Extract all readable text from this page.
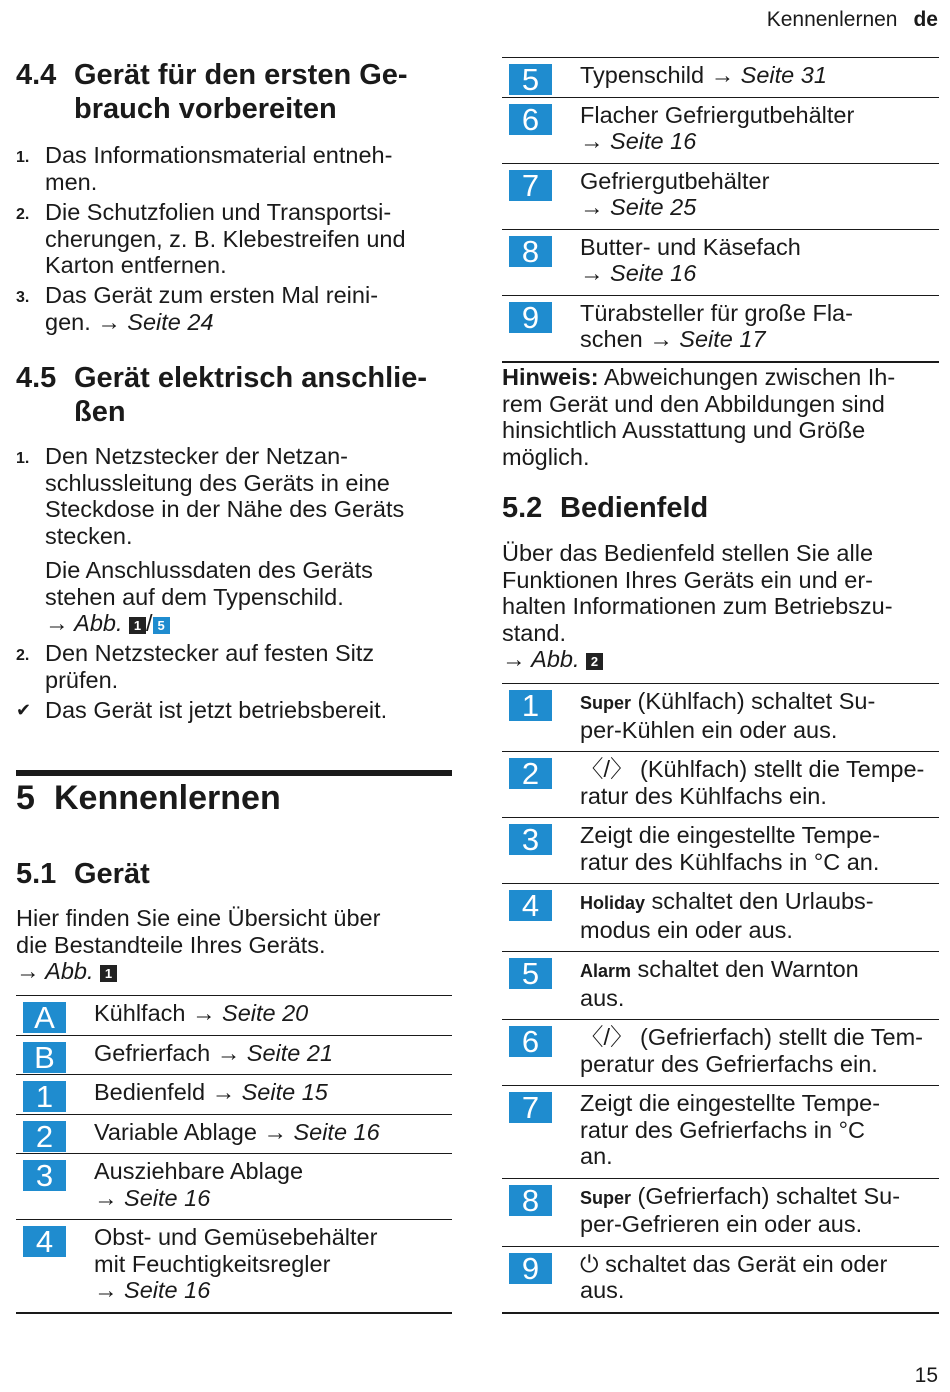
Kennenlernen de
4.4 Gerät für den ersten Ge-
brauch vorbereiten
1. Das Informationsmaterial entneh-
men.
2. Die Schutzfolien und Transportsi-
cherungen, z. B. Klebestreifen und
Karton entfernen.
3. Das Gerät zum ersten Mal reini-
gen. → Seite 24
4.5 Gerät elektrisch anschlie-
ßen
1. Den Netzstecker der Netzan-
schlussleitung des Geräts in eine
Steckdose in der Nähe des Geräts
stecken.
Die Anschlussdaten des Geräts
stehen auf dem Typenschild.
→ Abb. 1 / 5
2. Den Netzstecker auf festen Sitz
prüfen.
✔ Das Gerät ist jetzt betriebsbereit.
5 Kennenlernen
5.1 Gerät
Hier finden Sie eine Übersicht über
die Bestandteile Ihres Geräts.
→ Abb. 1
A	Kühlfach → Seite 20

B	Gefrierfach → Seite 21

1	Bedienfeld → Seite 15

2	Variable Ablage → Seite 16

3	Ausziehbare Ablage
→ Seite 16

4	Obst- und Gemüsebehälter
mit Feuchtigkeitsregler
→ Seite 16
5	Typenschild → Seite 31

6	Flacher Gefriergutbehälter
→ Seite 16

7	Gefriergutbehälter
→ Seite 25

8	Butter- und Käsefach
→ Seite 16

9	Türabsteller für große Fla-
schen → Seite 17
Hinweis: Abweichungen zwischen Ih-
rem Gerät und den Abbildungen sind
hinsichtlich Ausstattung und Größe
möglich.
5.2 Bedienfeld
Über das Bedienfeld stellen Sie alle
Funktionen Ihres Geräts ein und er-
halten Informationen zum Betriebszu-
stand.
→ Abb. 2
1	Super (Kühlfach) schaltet Su-
per-Kühlen ein oder aus.

2	〈/〉 (Kühlfach) stellt die Tempe-
ratur des Kühlfachs ein.

3	Zeigt die eingestellte Tempe-
ratur des Kühlfachs in °C an.

4	Holiday schaltet den Urlaubs-
modus ein oder aus.

5	Alarm schaltet den Warnton
aus.

6	〈/〉 (Gefrierfach) stellt die Tem-
peratur des Gefrierfachs ein.

7	Zeigt die eingestellte Tempe-
ratur des Gefrierfachs in °C
an.

8	Super (Gefrierfach) schaltet Su-
per-Gefrieren ein oder aus.

9	⏻ schaltet das Gerät ein oder
aus.
15
